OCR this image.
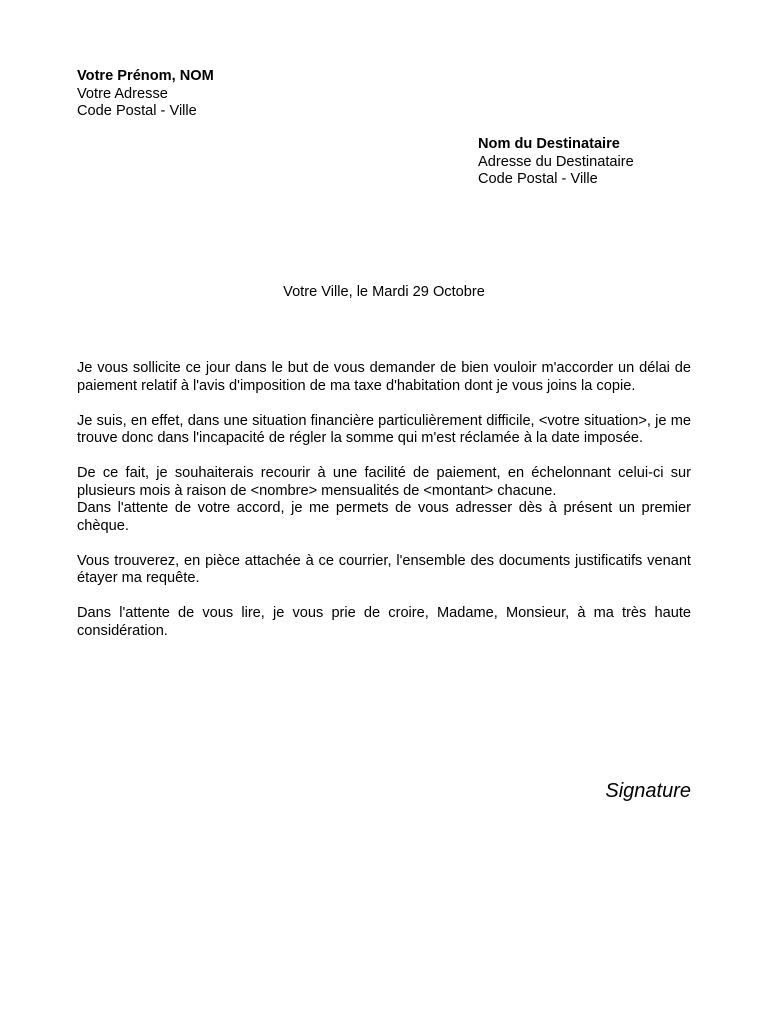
Votre Prénom, NOM
Votre Adresse
Code Postal - Ville
Nom du Destinataire
Adresse du Destinataire
Code Postal - Ville
Votre Ville, le Mardi 29 Octobre

Je vous sollicite ce jour dans le but de vous demander de bien vouloir m'accorder un délai de paiement relatif à l'avis d'imposition de ma taxe d'habitation dont je vous joins la copie.

Je suis, en effet, dans une situation financière particulièrement difficile, <votre situation>, je me trouve donc dans l'incapacité de régler la somme qui m'est réclamée à la date imposée.

De ce fait, je souhaiterais recourir à une facilité de paiement, en échelonnant celui-ci sur plusieurs mois à raison de <nombre> mensualités de <montant> chacune.

Dans l'attente de votre accord, je me permets de vous adresser dès à présent un premier chèque.

Vous trouverez, en pièce attachée à ce courrier, l'ensemble des documents justificatifs venant étayer ma requête.

Dans l'attente de vous lire, je vous prie de croire, Madame, Monsieur, à ma très haute considération.

Signature
